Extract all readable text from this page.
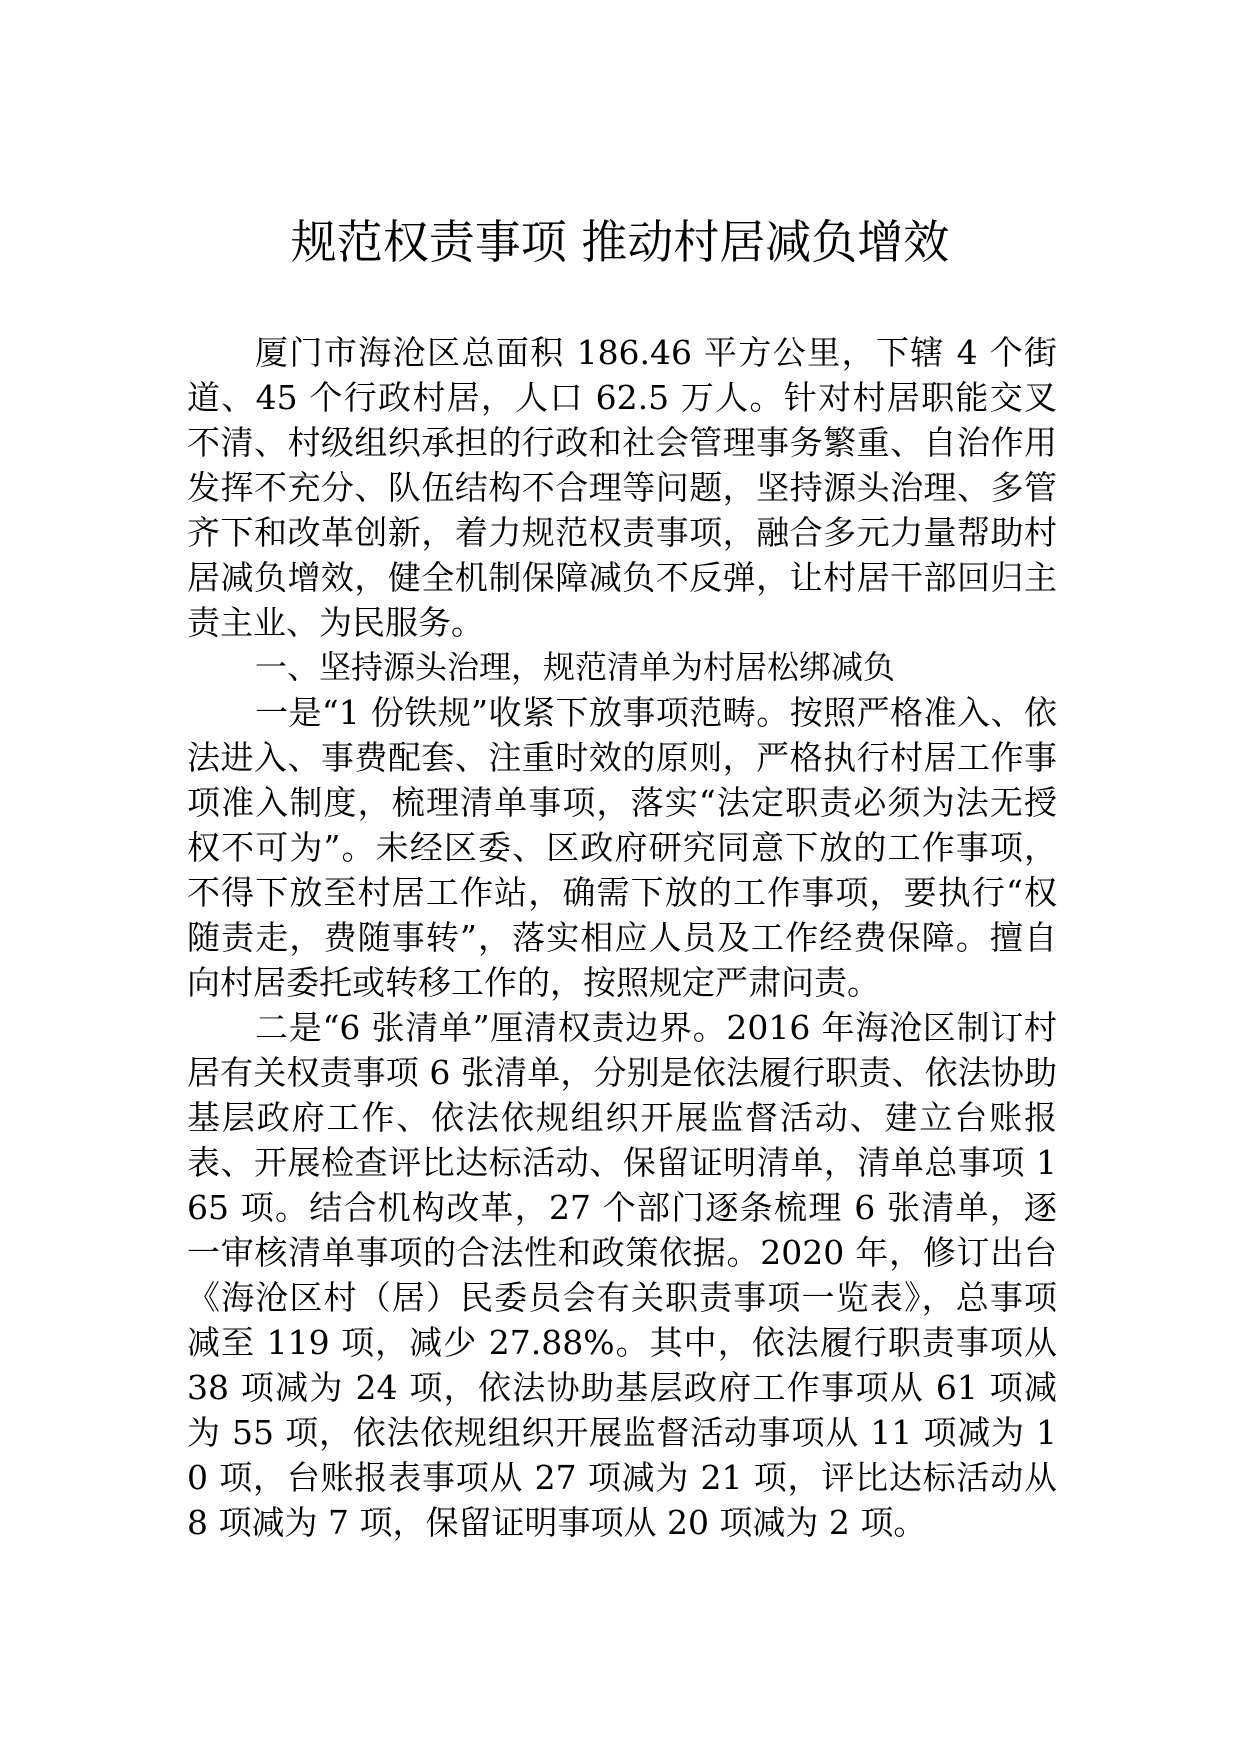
规范权责事项 推动村居减负增效

厦门市海沧区总面积 186.46 平方公里，下辖 4 个街道、45 个行政村居，人口 62.5 万人。针对村居职能交叉不清、村级组织承担的行政和社会管理事务繁重、自治作用发挥不充分、队伍结构不合理等问题，坚持源头治理、多管齐下和改革创新，着力规范权责事项，融合多元力量帮助村居减负增效，健全机制保障减负不反弹，让村居干部回归主责主业、为民服务。

一、坚持源头治理，规范清单为村居松绑减负

一是“1 份铁规”收紧下放事项范畴。按照严格准入、依法进入、事费配套、注重时效的原则，严格执行村居工作事项准入制度，梳理清单事项，落实“法定职责必须为法无授权不可为”。未经区委、区政府研究同意下放的工作事项，不得下放至村居工作站，确需下放的工作事项，要执行“权随责走，费随事转”，落实相应人员及工作经费保障。擅自向村居委托或转移工作的，按照规定严肃问责。

二是“6 张清单”厘清权责边界。2016 年海沧区制订村居有关权责事项 6 张清单，分别是依法履行职责、依法协助基层政府工作、依法依规组织开展监督活动、建立台账报表、开展检查评比达标活动、保留证明清单，清单总事项 165 项。结合机构改革，27 个部门逐条梳理 6 张清单，逐一审核清单事项的合法性和政策依据。2020 年，修订出台《海沧区村（居）民委员会有关职责事项一览表》，总事项减至 119 项，减少 27.88%。其中，依法履行职责事项从 38 项减为 24 项，依法协助基层政府工作事项从 61 项减为 55 项，依法依规组织开展监督活动事项从 11 项减为 10 项，台账报表事项从 27 项减为 21 项，评比达标活动从 8 项减为 7 项，保留证明事项从 20 项减为 2 项。
